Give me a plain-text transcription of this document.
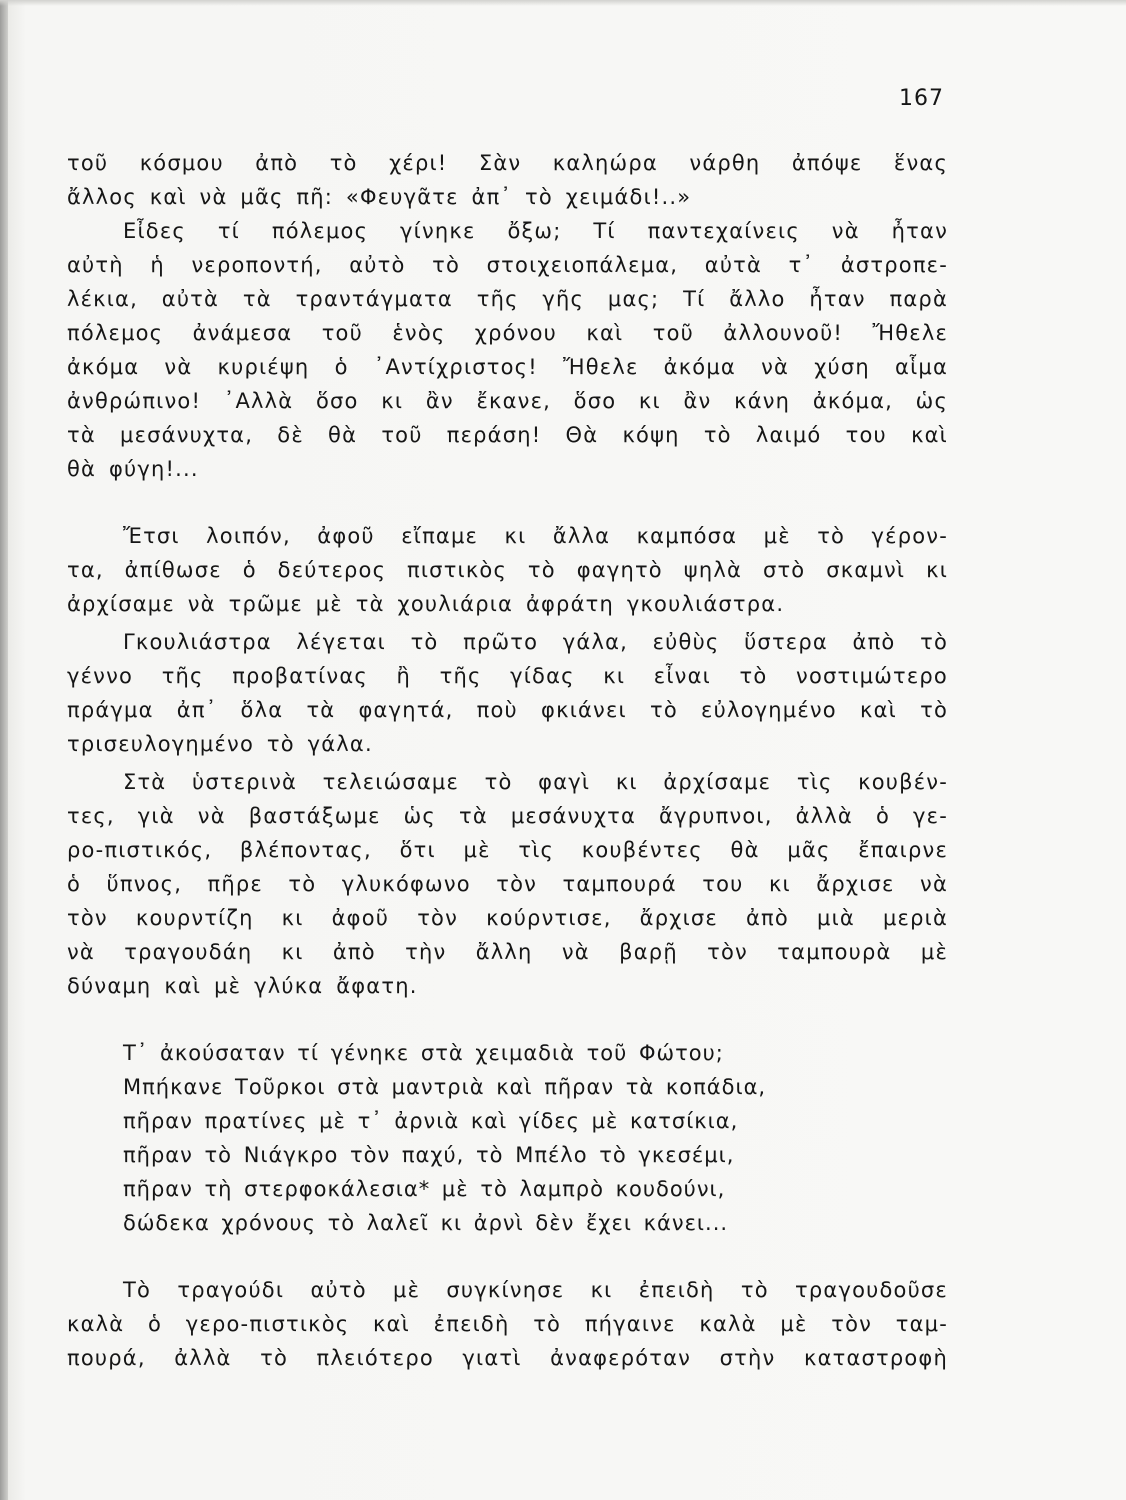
167
τοῦ κόσμου ἀπὸ τὸ χέρι! Σὰν καληώρα νάρθη ἀπόψε ἕνας
ἄλλος καὶ νὰ μᾶς πῆ: «Φευγᾶτε ἀπ᾿ τὸ χειμάδι!..»
Εἶδες τί πόλεμος γίνηκε ὄξω; Τί παντεχαίνεις νὰ ἦταν
αὐτὴ ἡ νεροποντή, αὐτὸ τὸ στοιχειοπάλεμα, αὐτὰ τ᾿ ἀστροπε-
λέκια, αὐτὰ τὰ τραντάγματα τῆς γῆς μας; Τί ἄλλο ἦταν παρὰ
πόλεμος ἀνάμεσα τοῦ ἑνὸς χρόνου καὶ τοῦ ἀλλουνοῦ! Ἤθελε
ἀκόμα νὰ κυριέψη ὁ ᾿Αντίχριστος! Ἤθελε ἀκόμα νὰ χύση αἷμα
ἀνθρώπινο! ᾿Αλλὰ ὅσο κι ἂν ἔκανε, ὅσο κι ἂν κάνη ἀκόμα, ὡς
τὰ μεσάνυχτα, δὲ θὰ τοῦ περάση! Θὰ κόψη τὸ λαιμό του καὶ
θὰ φύγη!...
Ἔτσι λοιπόν, ἀφοῦ εἴπαμε κι ἄλλα καμπόσα μὲ τὸ γέρον-
τα, ἀπίθωσε ὁ δεύτερος πιστικὸς τὸ φαγητὸ ψηλὰ στὸ σκαμνὶ κι
ἀρχίσαμε νὰ τρῶμε μὲ τὰ χουλιάρια ἀφράτη γκουλιάστρα.
Γκουλιάστρα λέγεται τὸ πρῶτο γάλα, εὐθὺς ὕστερα ἀπὸ τὸ
γέννο τῆς προβατίνας ἢ τῆς γίδας κι εἶναι τὸ νοστιμώτερο
πράγμα ἀπ᾿ ὅλα τὰ φαγητά, ποὺ φκιάνει τὸ εὐλογημένο καὶ τὸ
τρισευλογημένο τὸ γάλα.
Στὰ ὑστερινὰ τελειώσαμε τὸ φαγὶ κι ἀρχίσαμε τὶς κουβέν-
τες, γιὰ νὰ βαστάξωμε ὡς τὰ μεσάνυχτα ἄγρυπνοι, ἀλλὰ ὁ γε-
ρο-πιστικός, βλέποντας, ὅτι μὲ τὶς κουβέντες θὰ μᾶς ἔπαιρνε
ὁ ὕπνος, πῆρε τὸ γλυκόφωνο τὸν ταμπουρά του κι ἄρχισε νὰ
τὸν κουρντίζη κι ἀφοῦ τὸν κούρντισε, ἄρχισε ἀπὸ μιὰ μεριὰ
νὰ τραγουδάη κι ἀπὸ τὴν ἄλλη νὰ βαρῇ τὸν ταμπουρὰ μὲ
δύναμη καὶ μὲ γλύκα ἄφατη.
Τ᾿ ἀκούσαταν τί γένηκε στὰ χειμαδιὰ τοῦ Φώτου;
Μπήκανε Τοῦρκοι στὰ μαντριὰ καὶ πῆραν τὰ κοπάδια,
πῆραν πρατίνες μὲ τ᾿ ἀρνιὰ καὶ γίδες μὲ κατσίκια,
πῆραν τὸ Νιάγκρο τὸν παχύ, τὸ Μπέλο τὸ γκεσέμι,
πῆραν τὴ στερφοκάλεσια* μὲ τὸ λαμπρὸ κουδούνι,
δώδεκα χρόνους τὸ λαλεῖ κι ἀρνὶ δὲν ἔχει κάνει...
Τὸ τραγούδι αὐτὸ μὲ συγκίνησε κι ἐπειδὴ τὸ τραγουδοῦσε
καλὰ ὁ γερο-πιστικὸς καὶ ἐπειδὴ τὸ πήγαινε καλὰ μὲ τὸν ταμ-
πουρά, ἀλλὰ τὸ πλειότερο γιατὶ ἀναφερόταν στὴν καταστροφὴ
